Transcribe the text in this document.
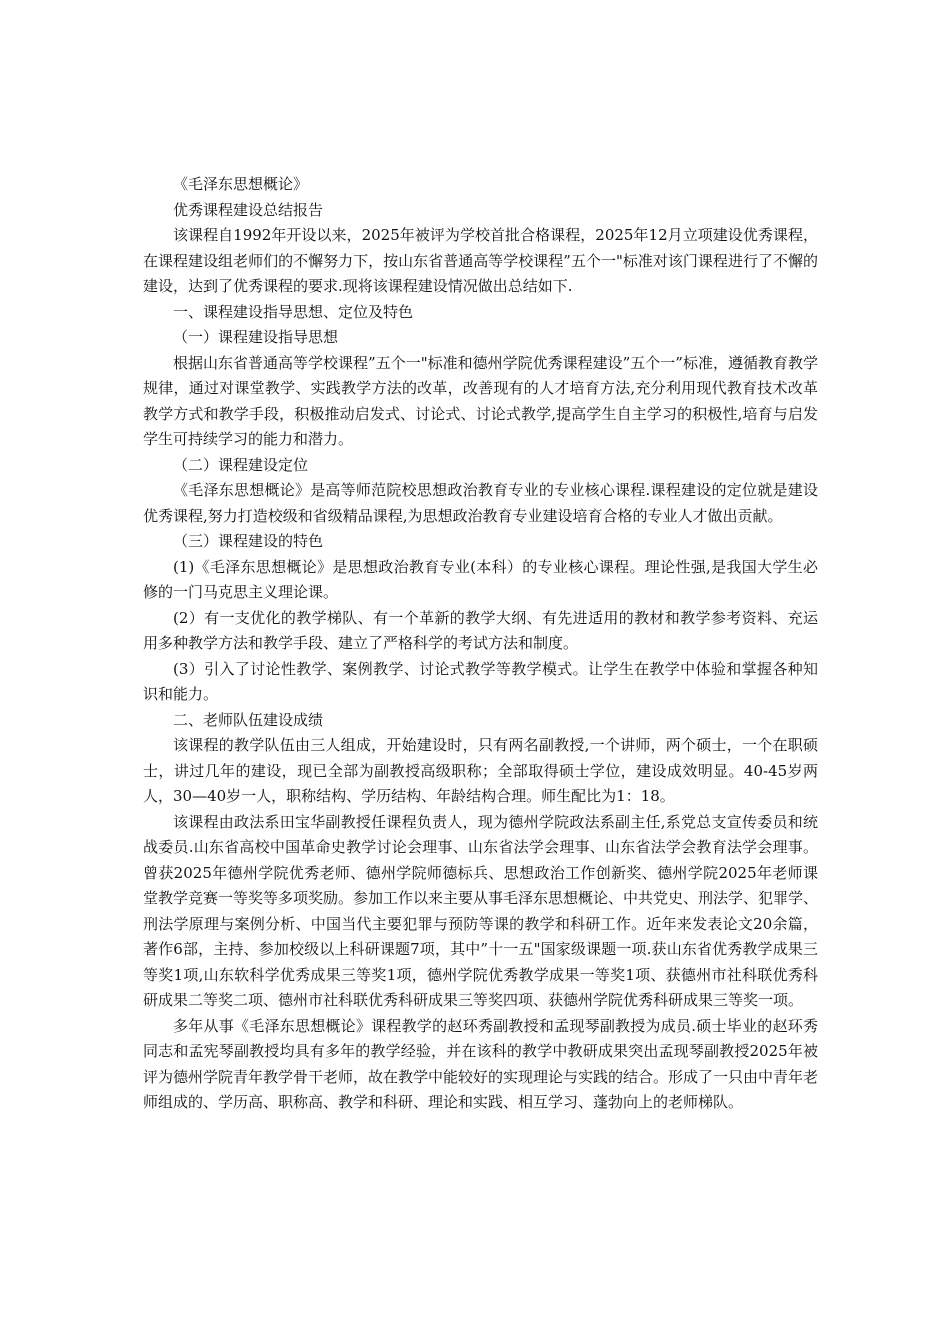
《毛泽东思想概论》

优秀课程建设总结报告

该课程自1992年开设以来，2025年被评为学校首批合格课程，2025年12月立项建设优秀课程，在课程建设组老师们的不懈努力下，按山东省普通高等学校课程”五个一"标准对该门课程进行了不懈的建设，达到了优秀课程的要求.现将该课程建设情况做出总结如下.

一、课程建设指导思想、定位及特色

（一）课程建设指导思想

根据山东省普通高等学校课程”五个一"标准和德州学院优秀课程建设”五个一”标准，遵循教育教学规律，通过对课堂教学、实践教学方法的改革，改善现有的人才培育方法,充分利用现代教育技术改革教学方式和教学手段，积极推动启发式、讨论式、讨论式教学,提高学生自主学习的积极性,培育与启发学生可持续学习的能力和潜力。

（二）课程建设定位

《毛泽东思想概论》是高等师范院校思想政治教育专业的专业核心课程.课程建设的定位就是建设优秀课程,努力打造校级和省级精品课程,为思想政治教育专业建设培育合格的专业人才做出贡献。

（三）课程建设的特色

(1)《毛泽东思想概论》是思想政治教育专业(本科）的专业核心课程。理论性强,是我国大学生必修的一门马克思主义理论课。

(2）有一支优化的教学梯队、有一个革新的教学大纲、有先进适用的教材和教学参考资料、充运用多种教学方法和教学手段、建立了严格科学的考试方法和制度。

(3）引入了讨论性教学、案例教学、讨论式教学等教学模式。让学生在教学中体验和掌握各种知识和能力。

二、老师队伍建设成绩

该课程的教学队伍由三人组成，开始建设时，只有两名副教授,一个讲师，两个硕士，一个在职硕士，讲过几年的建设，现已全部为副教授高级职称；全部取得硕士学位，建设成效明显。40-45岁两人，30—40岁一人，职称结构、学历结构、年龄结构合理。师生配比为1：18。

该课程由政法系田宝华副教授任课程负责人，现为德州学院政法系副主任,系党总支宣传委员和统战委员.山东省高校中国革命史教学讨论会理事、山东省法学会理事、山东省法学会教育法学会理事。曾获2025年德州学院优秀老师、德州学院师德标兵、思想政治工作创新奖、德州学院2025年老师课堂教学竞赛一等奖等多项奖励。参加工作以来主要从事毛泽东思想概论、中共党史、刑法学、犯罪学、刑法学原理与案例分析、中国当代主要犯罪与预防等课的教学和科研工作。近年来发表论文20余篇，著作6部，主持、参加校级以上科研课题7项，其中”十一五"国家级课题一项.获山东省优秀教学成果三等奖1项,山东软科学优秀成果三等奖1项，德州学院优秀教学成果一等奖1项、获德州市社科联优秀科研成果二等奖二项、德州市社科联优秀科研成果三等奖四项、获德州学院优秀科研成果三等奖一项。

多年从事《毛泽东思想概论》课程教学的赵环秀副教授和孟现琴副教授为成员.硕士毕业的赵环秀同志和孟宪琴副教授均具有多年的教学经验，并在该科的教学中教研成果突出孟现琴副教授2025年被评为德州学院青年教学骨干老师，故在教学中能较好的实现理论与实践的结合。形成了一只由中青年老师组成的、学历高、职称高、教学和科研、理论和实践、相互学习、蓬勃向上的老师梯队。
